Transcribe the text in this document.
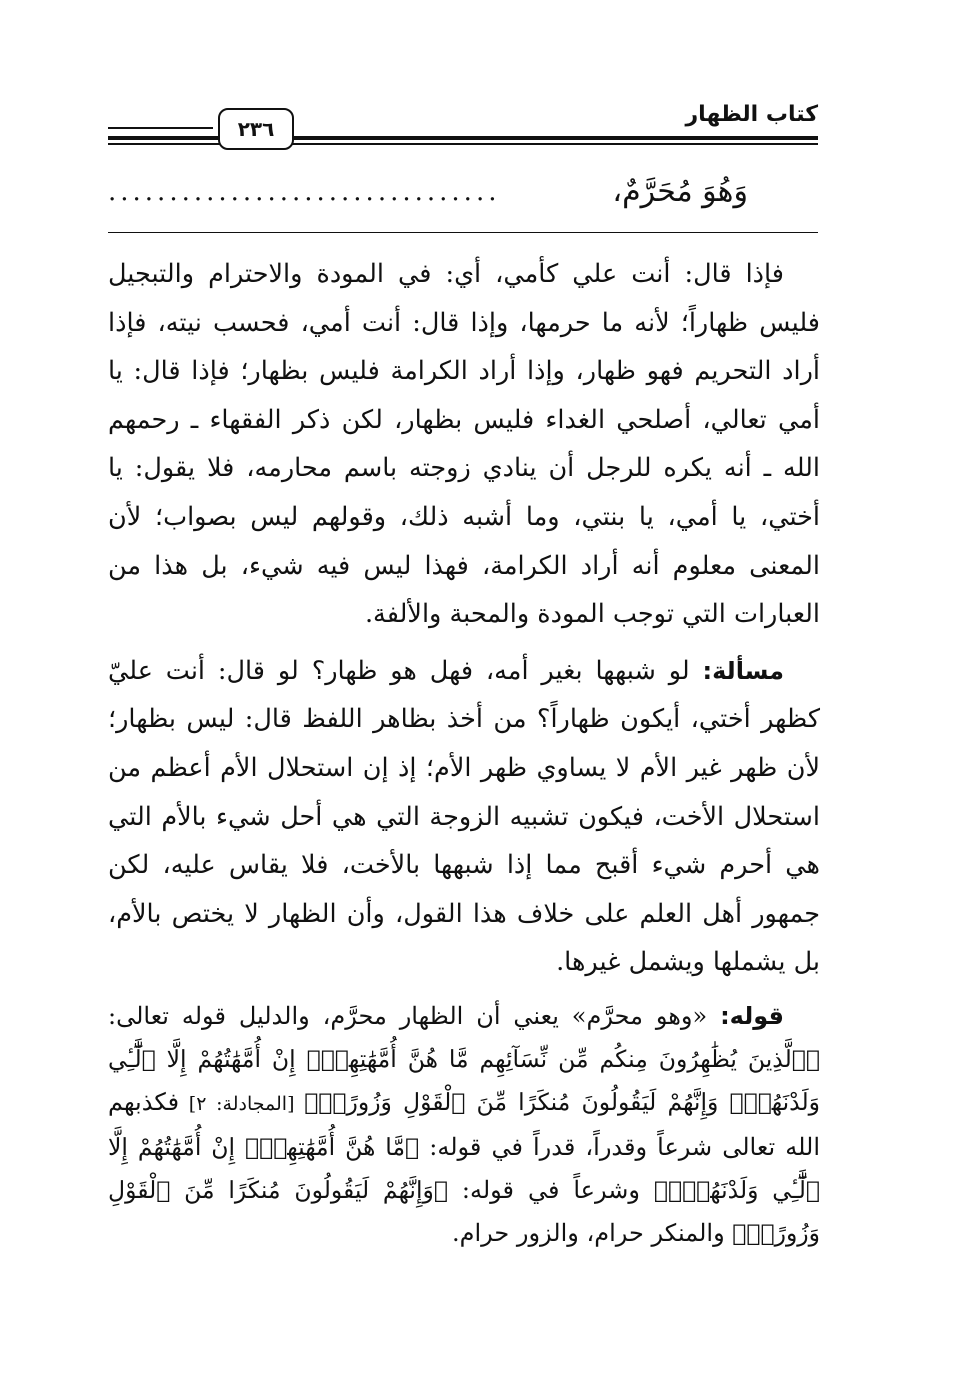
٢٣٦
كتاب الظهار
وَهُوَ مُحَرَّمٌ،
................................

فإذا قال: أنت علي كأمي، أي: في المودة والاحترام والتبجيل فليس ظهاراً؛ لأنه ما حرمها، وإذا قال: أنت أمي، فحسب نيته، فإذا أراد التحريم فهو ظهار، وإذا أراد الكرامة فليس بظهار؛ فإذا قال: يا أمي تعالي، أصلحي الغداء فليس بظهار، لكن ذكر الفقهاء ـ رحمهم الله ـ أنه يكره للرجل أن ينادي زوجته باسم محارمه، فلا يقول: يا أختي، يا أمي، يا بنتي، وما أشبه ذلك، وقولهم ليس بصواب؛ لأن المعنى معلوم أنه أراد الكرامة، فهذا ليس فيه شيء، بل هذا من العبارات التي توجب المودة والمحبة والألفة.

مسألة: لو شبهها بغير أمه، فهل هو ظهار؟ لو قال: أنت عليّ كظهر أختي، أيكون ظهاراً؟ من أخذ بظاهر اللفظ قال: ليس بظهار؛ لأن ظهر غير الأم لا يساوي ظهر الأم؛ إذ إن استحلال الأم أعظم من استحلال الأخت، فيكون تشبيه الزوجة التي هي أحل شيء بالأم التي هي أحرم شيء أقبح مما إذا شبهها بالأخت، فلا يقاس عليه، لكن جمهور أهل العلم على خلاف هذا القول، وأن الظهار لا يختص بالأم، بل يشملها ويشمل غيرها.

قوله: «وهو محرَّم» يعني أن الظهار محرَّم، والدليل قوله تعالى: ﴿ٱلَّذِينَ يُظَٰهِرُونَ مِنكُم مِّن نِّسَآئِهِم مَّا هُنَّ أُمَّهَٰتِهِمْۖ إِنْ أُمَّهَٰتُهُمْ إِلَّا ٱلَّٰٓـِٔي وَلَدْنَهُمْۚ وَإِنَّهُمْ لَيَقُولُونَ مُنكَرًا مِّنَ ٱلْقَوْلِ وَزُورًاۚ﴾ [المجادلة: ٢] فكذبهم الله تعالى شرعاً وقدراً، قدراً في قوله: ﴿مَّا هُنَّ أُمَّهَٰتِهِمْۖ إِنْ أُمَّهَٰتُهُمْ إِلَّا ٱلَّٰٓـِٔي وَلَدْنَهُمْۚ﴾ وشرعاً في قوله: ﴿وَإِنَّهُمْ لَيَقُولُونَ مُنكَرًا مِّنَ ٱلْقَوْلِ وَزُورًاۚ﴾ والمنكر حرام، والزور حرام.
